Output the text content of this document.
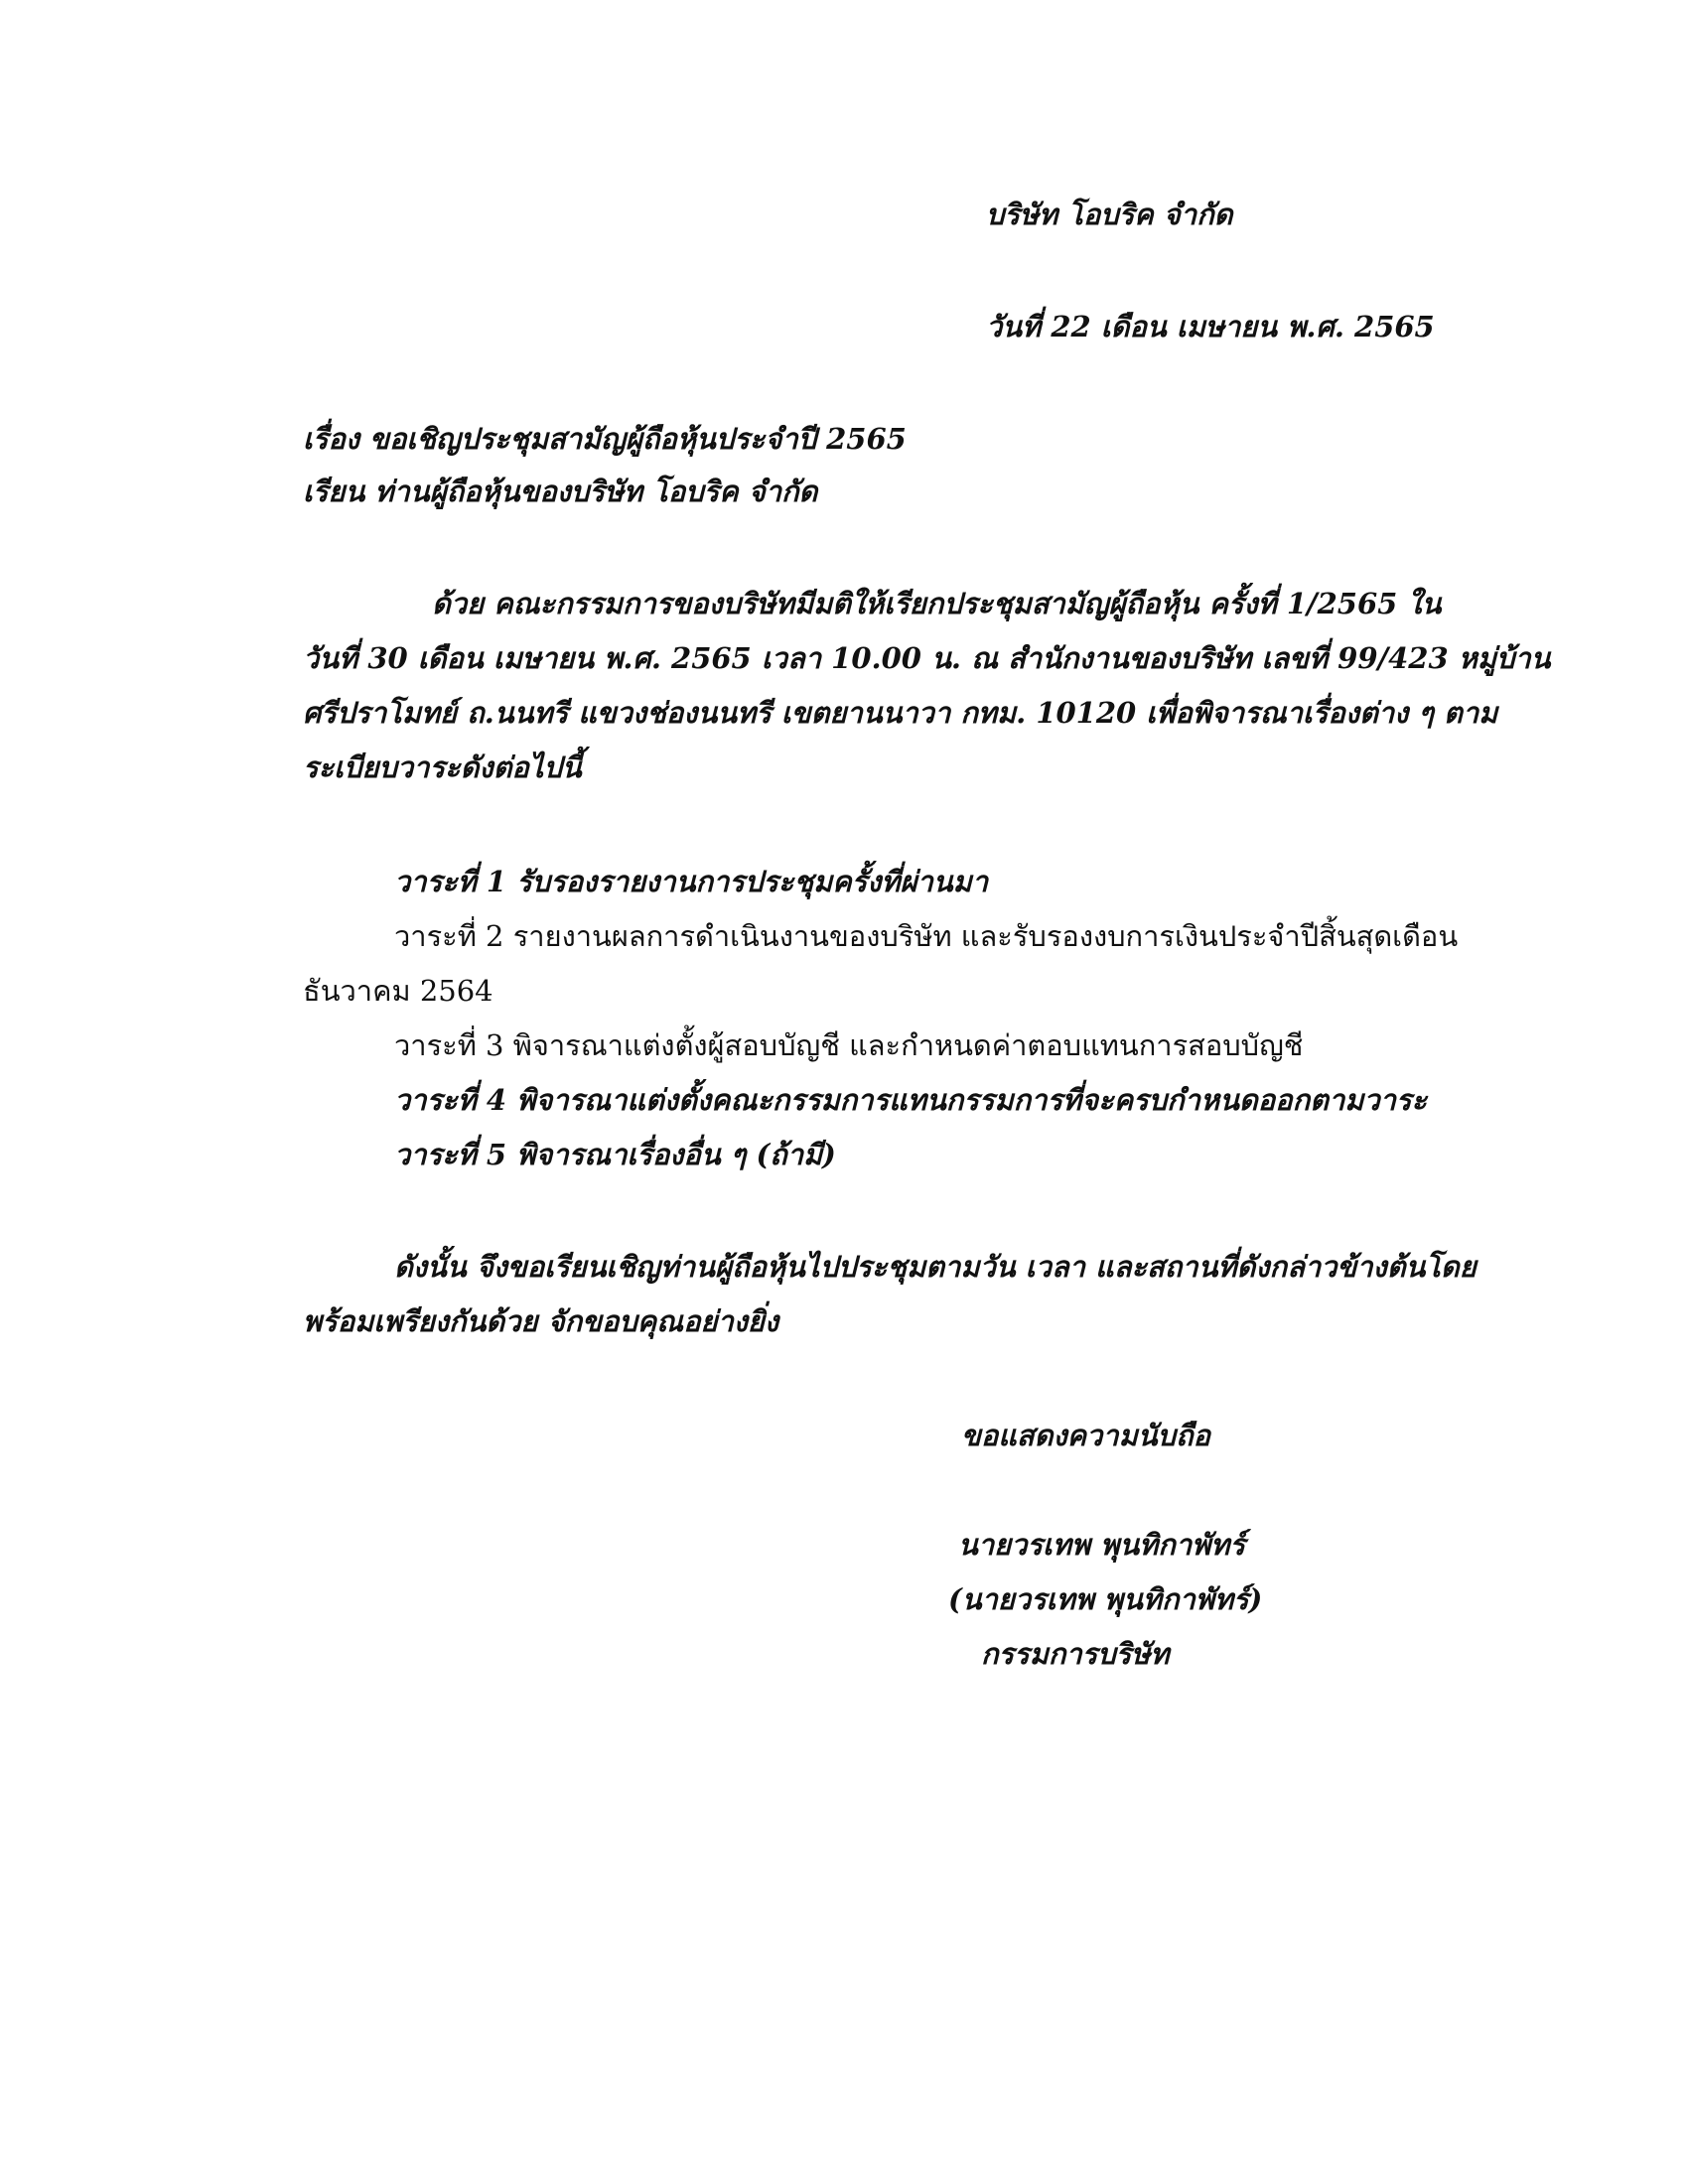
บริษัท โอบริค จำกัด
วันที่ 22 เดือน เมษายน พ.ศ. 2565
เรื่อง ขอเชิญประชุมสามัญผู้ถือหุ้นประจำปี 2565
เรียน ท่านผู้ถือหุ้นของบริษัท โอบริค จำกัด
ด้วย คณะกรรมการของบริษัทมีมติให้เรียกประชุมสามัญผู้ถือหุ้น ครั้งที่ 1/2565 ใน
วันที่ 30 เดือน เมษายน พ.ศ. 2565 เวลา 10.00 น. ณ สำนักงานของบริษัท เลขที่ 99/423 หมู่บ้าน
ศรีปราโมทย์ ถ.นนทรี แขวงช่องนนทรี เขตยานนาวา กทม. 10120 เพื่อพิจารณาเรื่องต่าง ๆ ตาม
ระเบียบวาระดังต่อไปนี้
วาระที่ 1 รับรองรายงานการประชุมครั้งที่ผ่านมา
วาระที่ 2 รายงานผลการดำเนินงานของบริษัท และรับรองงบการเงินประจำปีสิ้นสุดเดือน
ธันวาคม 2564
วาระที่ 3 พิจารณาแต่งตั้งผู้สอบบัญชี และกำหนดค่าตอบแทนการสอบบัญชี
วาระที่ 4 พิจารณาแต่งตั้งคณะกรรมการแทนกรรมการที่จะครบกำหนดออกตามวาระ
วาระที่ 5 พิจารณาเรื่องอื่น ๆ (ถ้ามี)
ดังนั้น จึงขอเรียนเชิญท่านผู้ถือหุ้นไปประชุมตามวัน เวลา และสถานที่ดังกล่าวข้างต้นโดย
พร้อมเพรียงกันด้วย จักขอบคุณอย่างยิ่ง
ขอแสดงความนับถือ
นายวรเทพ พุนทิกาพัทร์
(นายวรเทพ พุนทิกาพัทร์)
กรรมการบริษัท
